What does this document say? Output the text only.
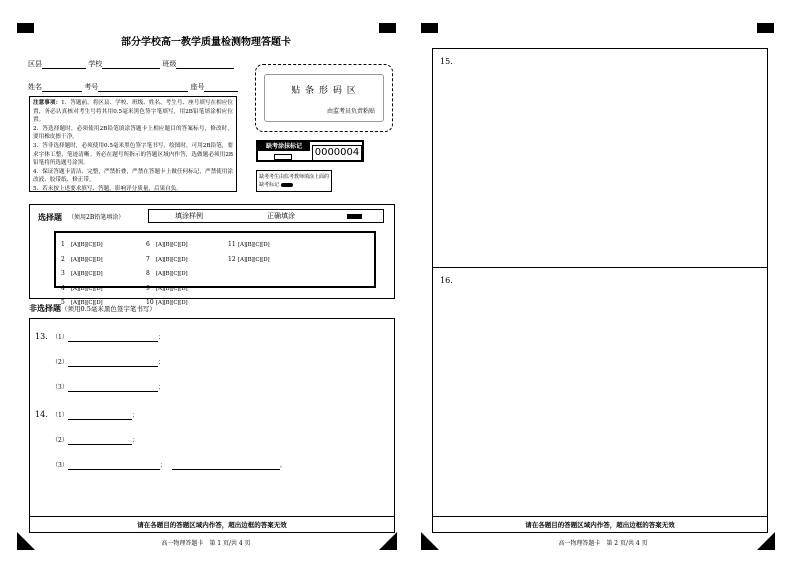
部分学校高一教学质量检测物理答题卡
区县	学校	班级
姓名	考号	座号
注意事项：1．答题前，将区县、学校、班级、姓名、考生号、座号填写在相应位置，务必认真核对考生号将其用0.5毫米黑色签字笔填写，用2B铅笔填涂相应位置。
2．答选择题时，必须使用2B铅笔填涂答题卡上相应题目的答案标号，修改时，要用橡皮擦干净。
3．答非选择题时，必须使用0.5毫米黑色签字笔书写，绘图时，可用2B铅笔，要求字体工整、笔迹清晰。务必在题号所指示的答题区域内作答，选做题必须用2B铅笔将所选题号涂黑。
4．保证答题卡清洁、完整，严禁折叠，严禁在答题卡上做任何标记，严禁使用涂改液、胶带纸、修正带。
5．若未按上述要求填写、答题，影响评分质量，后果自负。
贴 条 形 码 区
由监考员负责粘贴
缺考涂抹标记
0000004
缺考考生由监考教师填涂上面的缺考标记
选择题 （须用2B铅笔填涂）	填涂样例	正确填涂
1 [A][B][C][D]
2 [A][B][C][D]
3 [A][B][C][D]
4 [A][B][C][D]
5 [A][B][C][D]
6 [A][B][C][D]
7 [A][B][C][D]
8 [A][B][C][D]
9 [A][B][C][D]
10 [A][B][C][D]
11 [A][B][C][D]
12 [A][B][C][D]
非选择题（须用0.5毫米黑色签字笔书写）
13. （1）	；
（2）	；
（3）	；
14. （1）	；
（2）	；
（3）	；	。
请在各题目的答题区域内作答，超出边框的答案无效
高一物理答题卡　第 1 页/共 4 页
15.
16.
请在各题目的答题区域内作答，超出边框的答案无效
高一物理答题卡　第 2 页/共 4 页
